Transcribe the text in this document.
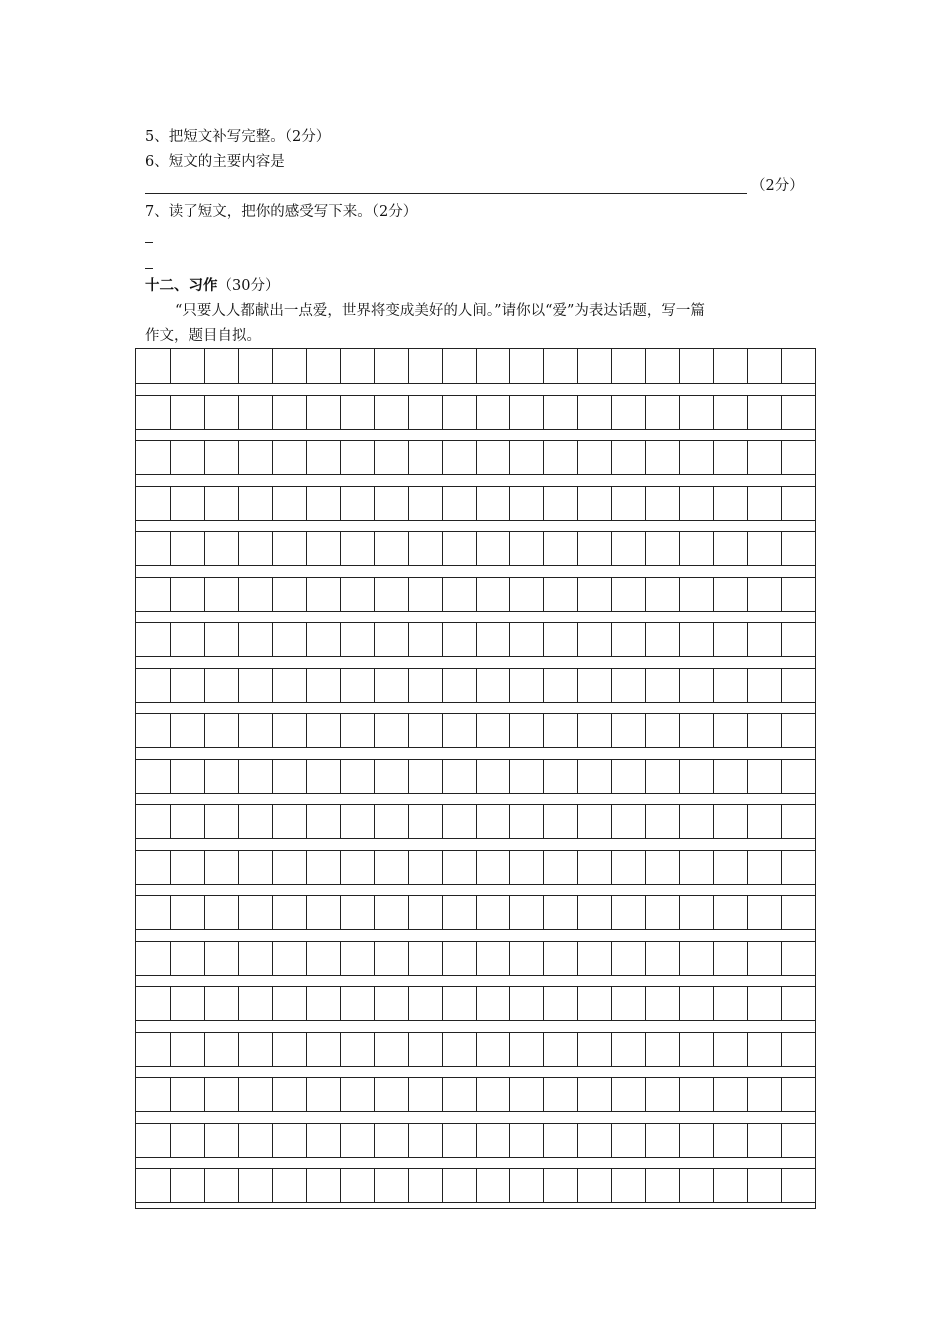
5、把短文补写完整。（2分）
6、短文的主要内容是
（2分）
7、读了短文，把你的感受写下来。（2分）
十二、习作（30分）
“只要人人都献出一点爱，世界将变成美好的人间。”请你以“爱”为表达话题，写一篇
作文，题目自拟。
